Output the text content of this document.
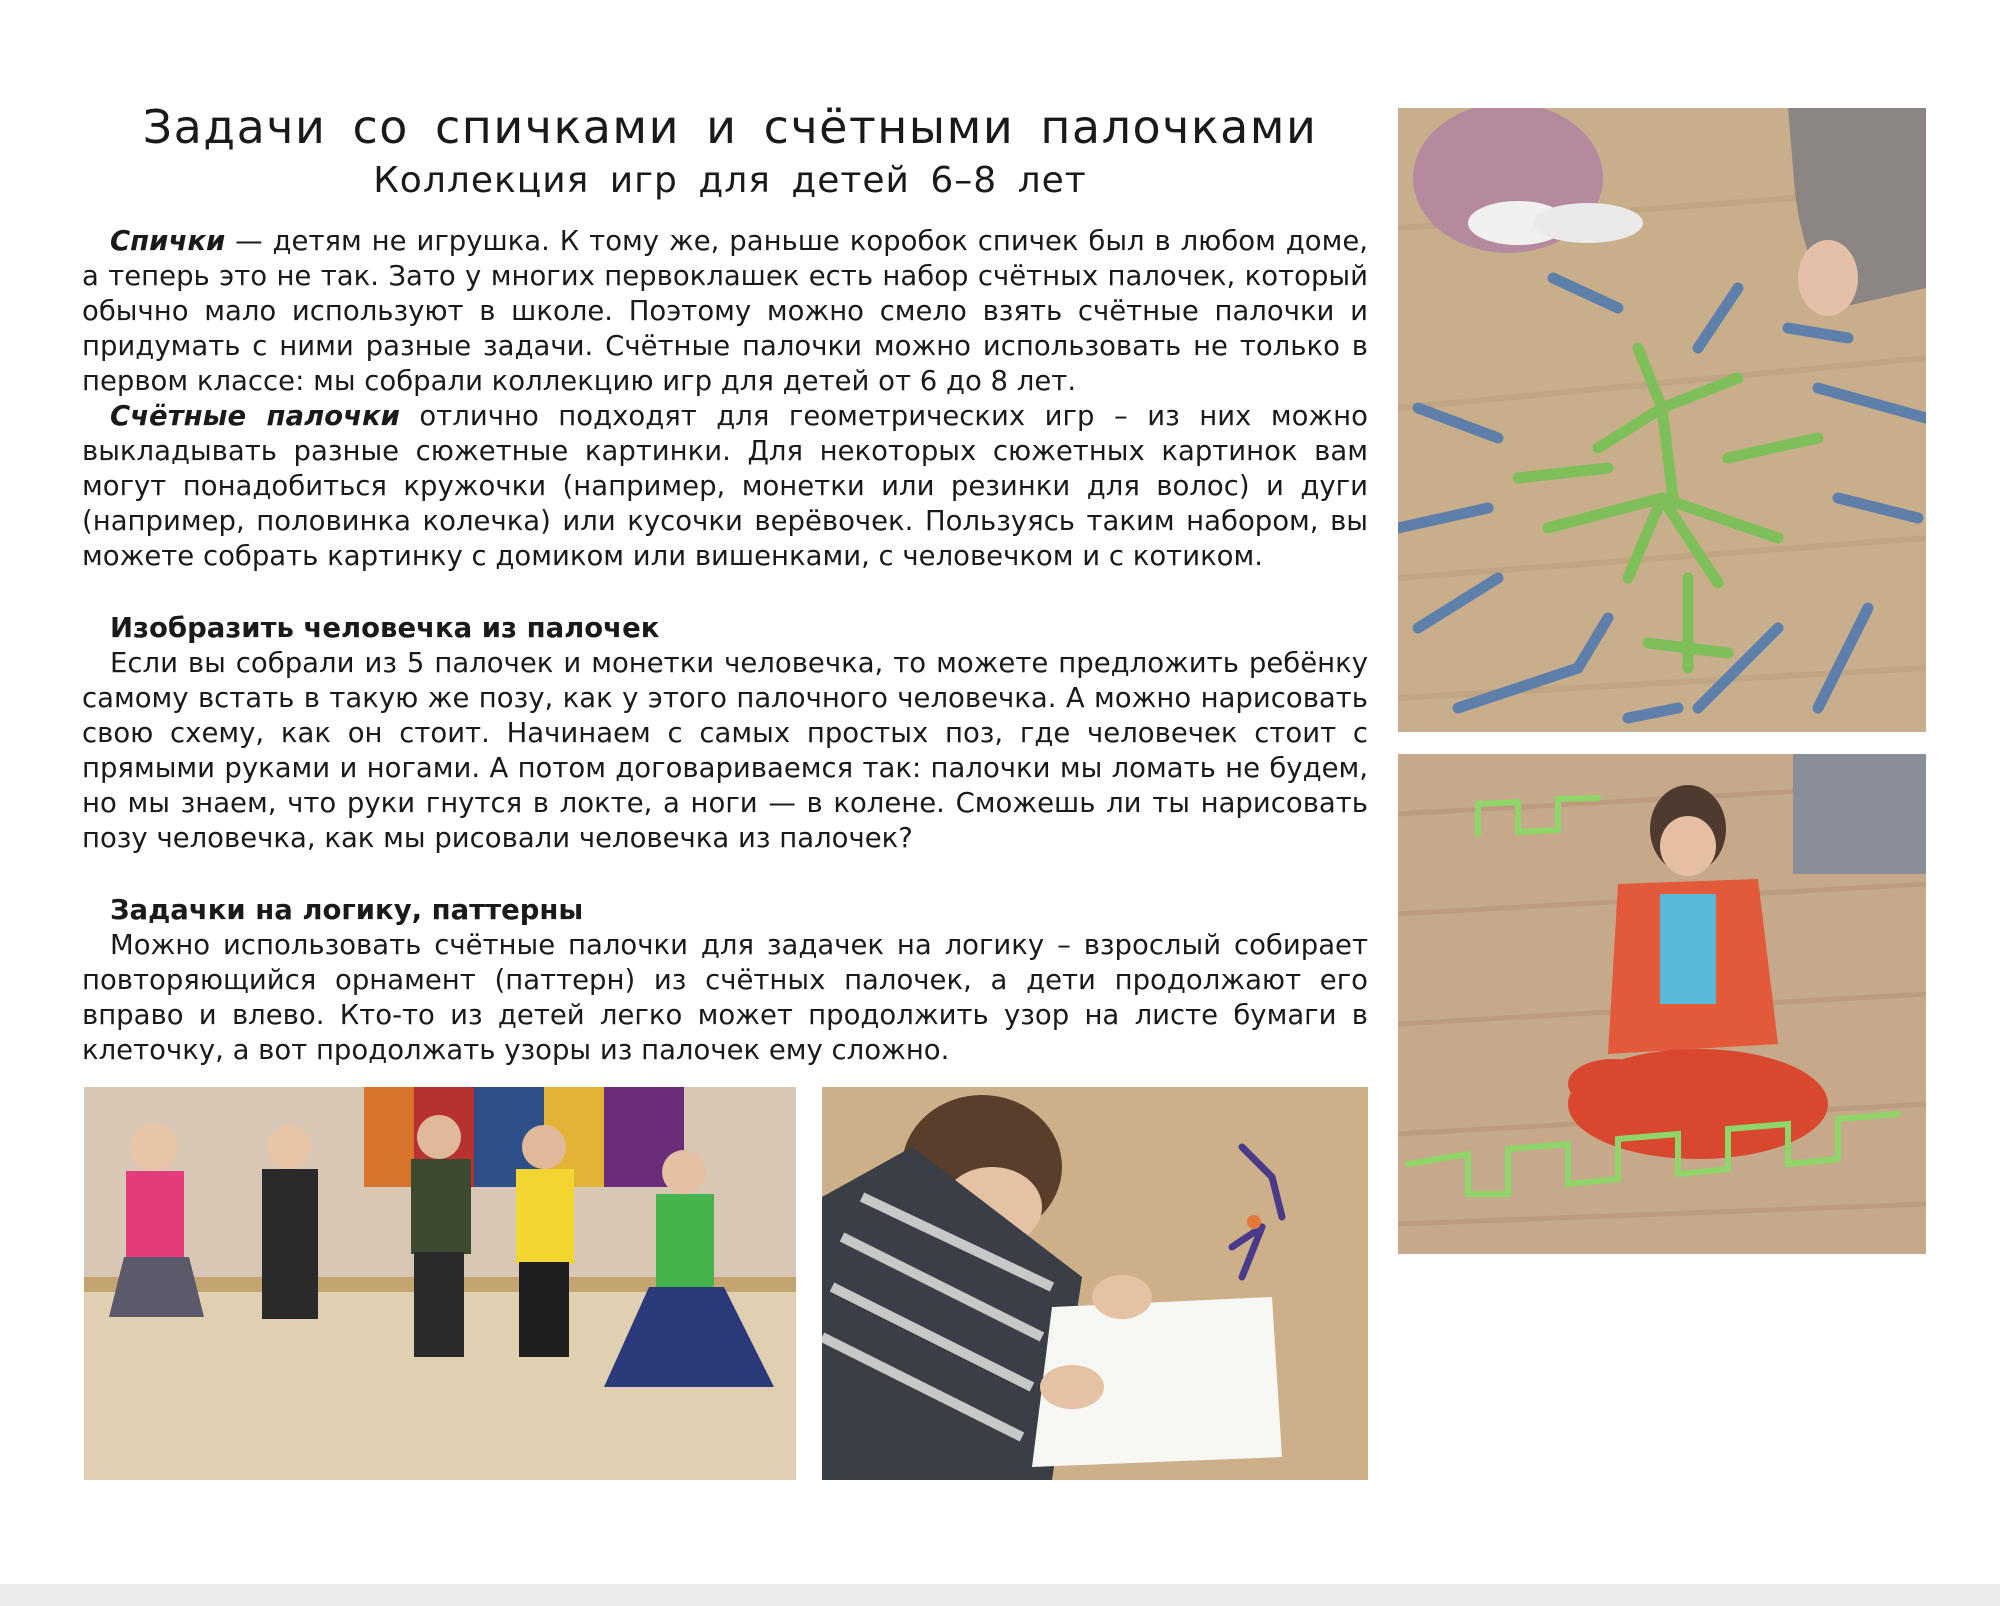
Задачи со спичками и счётными палочками
Коллекция игр для детей 6–8 лет

Спички — детям не игрушка. К тому же, раньше коробок спичек был в любом доме, а теперь это не так. Зато у многих первоклашек есть набор счётных палочек, который обычно мало используют в школе. Поэтому можно смело взять счётные палочки и придумать с ними разные задачи. Счётные палочки можно использовать не только в первом классе: мы собрали коллекцию игр для детей от 6 до 8 лет.

Счётные палочки отлично подходят для геометрических игр – из них можно выкладывать разные сюжетные картинки. Для некоторых сюжетных картинок вам могут понадобиться кружочки (например, монетки или резинки для волос) и дуги (например, половинка колечка) или кусочки верёвочек. Пользуясь таким набором, вы можете собрать картинку с домиком или вишенками, с человечком и с котиком.

Изобразить человечка из палочек

Если вы собрали из 5 палочек и монетки человечка, то можете предложить ребёнку самому встать в такую же позу, как у этого палочного человечка. А можно нарисовать свою схему, как он стоит. Начинаем с самых простых поз, где человечек стоит с прямыми руками и ногами. А потом договариваемся так: палочки мы ломать не будем, но мы знаем, что руки гнутся в локте, а ноги — в колене. Сможешь ли ты нарисовать позу человечка, как мы рисовали человечка из палочек?

Задачки на логику, паттерны

Можно использовать счётные палочки для задачек на логику – взрослый собирает повторяющийся орнамент (паттерн) из счётных палочек, а дети продолжают его вправо и влево. Кто-то из детей легко может продолжить узор на листе бумаги в клеточку, а вот продолжать узоры из палочек ему сложно.
